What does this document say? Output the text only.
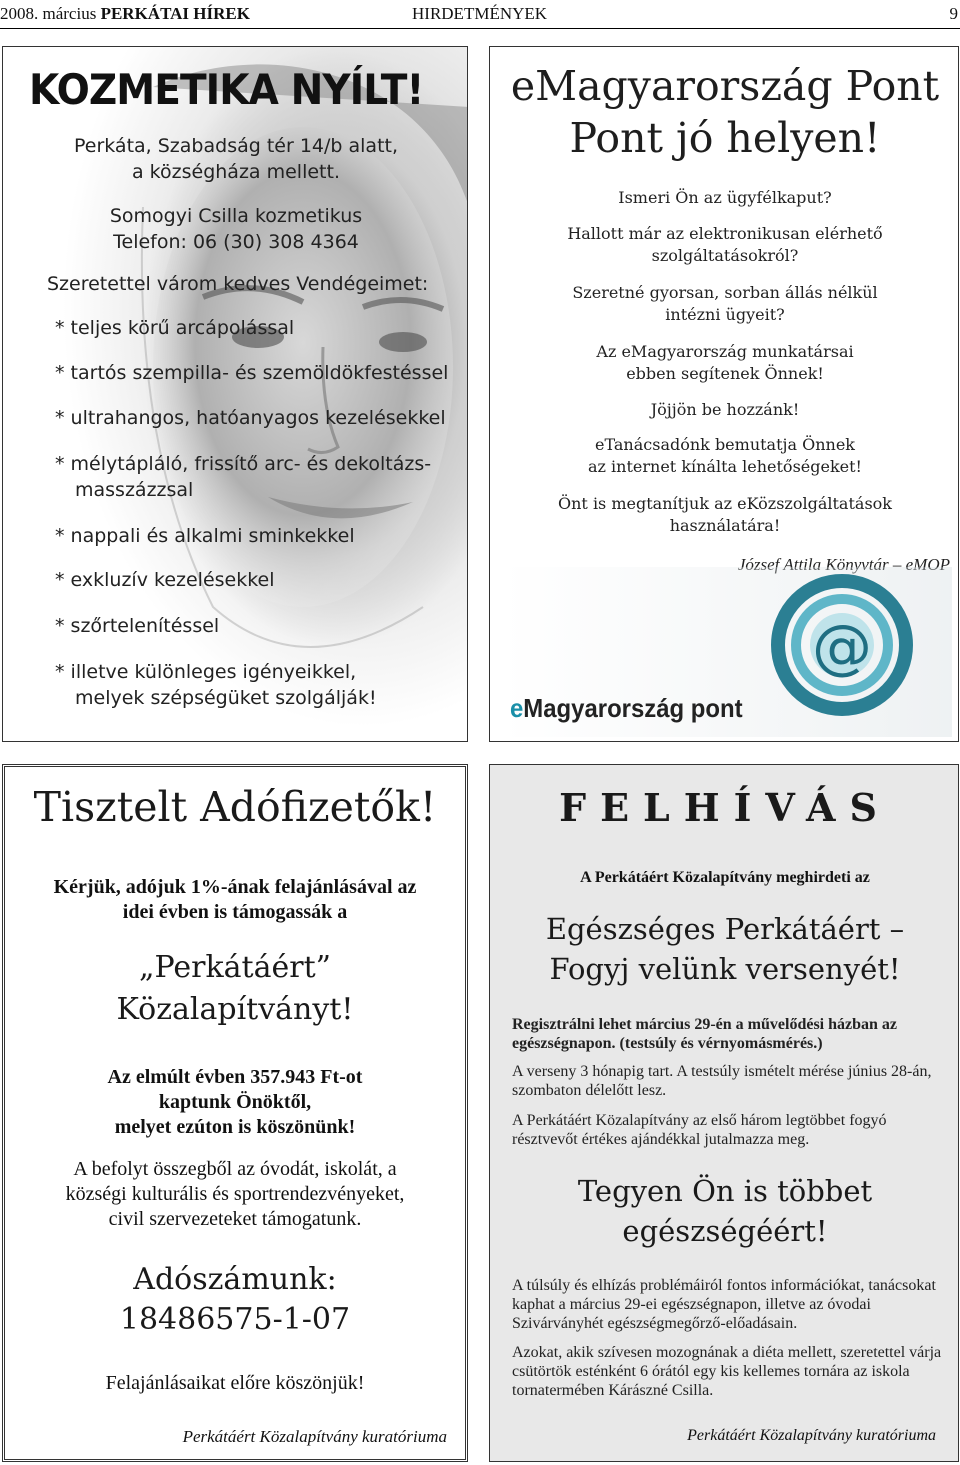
2008. március PERKÁTAI HÍREK	HIRDETMÉNYEK	9
KOZMETIKA NYÍLT!
Perkáta, Szabadság tér 14/b alatt,
a községháza mellett.
Somogyi Csilla kozmetikus
Telefon: 06 (30) 308 4364
Szeretettel várom kedves Vendégeimet:
* teljes körű arcápolással
* tartós szempilla- és szemöldökfestéssel
* ultrahangos, hatóanyagos kezelésekkel
* mélytápláló, frissítő arc- és dekoltázs-
masszázzsal
* nappali és alkalmi sminkekkel
* exkluzív kezelésekkel
* szőrtelenítéssel
* illetve különleges igényeikkel,
melyek szépségüket szolgálják!
eMagyarország Pont
Pont jó helyen!
Ismeri Ön az ügyfélkaput?
Hallott már az elektronikusan elérhető
szolgáltatásokról?
Szeretné gyorsan, sorban állás nélkül
intézni ügyeit?
Az eMagyarország munkatársai
ebben segítenek Önnek!
Jöjjön be hozzánk!
eTanácsadónk bemutatja Önnek
az internet kínálta lehetőségeket!
Önt is megtanítjuk az eKözszolgáltatások
használatára!
József Attila Könyvtár – eMOP
@
eMagyarország pont
Tisztelt Adófizetők!
Kérjük, adójuk 1%-ának felajánlásával az
idei évben is támogassák a
„Perkátáért”
Közalapítványt!
Az elmúlt évben 357.943 Ft-ot
kaptunk Önöktől,
melyet ezúton is köszönünk!
A befolyt összegből az óvodát, iskolát, a
községi kulturális és sportrendezvényeket,
civil szervezeteket támogatunk.
Adószámunk:
18486575-1-07
Felajánlásaikat előre köszönjük!
Perkátáért Közalapítvány kuratóriuma
FELHÍVÁS
A Perkátáért Közalapítvány meghirdeti az
Egészséges Perkátáért –
Fogyj velünk versenyét!
Regisztrálni lehet március 29-én a művelődési házban az egészségnapon. (testsúly és vérnyomásmérés.)
A verseny 3 hónapig tart. A testsúly ismételt mérése június 28-án, szombaton délelőtt lesz.
A Perkátáért Közalapítvány az első három legtöbbet fogyó résztvevőt értékes ajándékkal jutalmazza meg.
Tegyen Ön is többet
egészségéért!
A túlsúly és elhízás problémáiról fontos információkat, tanácsokat kaphat a március 29-ei egészségnapon, illetve az óvodai Szivárványhét egészségmegőrző-előadásain.
Azokat, akik szívesen mozognának a diéta mellett, szeretettel várja csütörtök esténként 6 órától egy kis kellemes tornára az iskola tornatermében Kárászné Csilla.
Perkátáért Közalapítvány kuratóriuma
